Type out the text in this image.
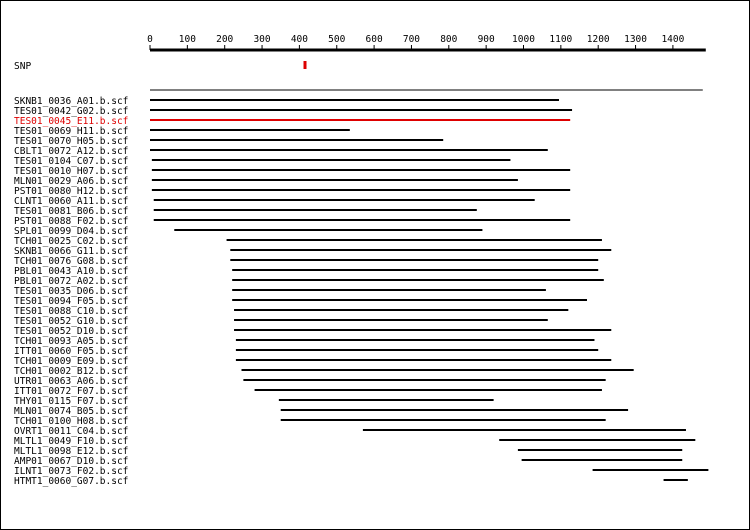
0	100 200 300 400 500 600 700 800 900 1000 1100 1200 1300 1400
SNP
SKNB1_0036_A01.b.scf
TES01_0042_G02.b.scf
TES01_0045_E11.b.scf
TES01_0069_H11.b.scf
TES01_0070_H05.b.scf
CBLT1_0072_A12.b.scf
TES01_0104_C07.b.scf
TES01_0010_H07.b.scf
MLN01_0029_A06.b.scf
PST01_0080_H12.b.scf
CLNT1_0060_A11.b.scf
TES01_0081_B06.b.scf
PST01_0088_F02.b.scf
SPL01_0099_D04.b.scf
TCH01_0025_C02.b.scf
SKNB1_0066_G11.b.scf
TCH01_0076_G08.b.scf
PBL01_0043_A10.b.scf
PBL01_0072_A02.b.scf
TES01_0035_D06.b.scf
TES01_0094_F05.b.scf
TES01_0088_C10.b.scf
TES01_0052_G10.b.scf
TES01_0052_D10.b.scf
TCH01_0093_A05.b.scf
ITT01_0060_F05.b.scf
TCH01_0009_E09.b.scf
TCH01_0002_B12.b.scf
UTR01_0063_A06.b.scf
ITT01_0072_F07.b.scf
THY01_0115_F07.b.scf
MLN01_0074_B05.b.scf
TCH01_0100_H08.b.scf
OVRT1_0011_C04.b.scf
MLTL1_0049_F10.b.scf
MLTL1_0098_E12.b.scf
AMP01_0067_D10.b.scf
ILNT1_0073_F02.b.scf
HTMT1_0060_G07.b.scf
